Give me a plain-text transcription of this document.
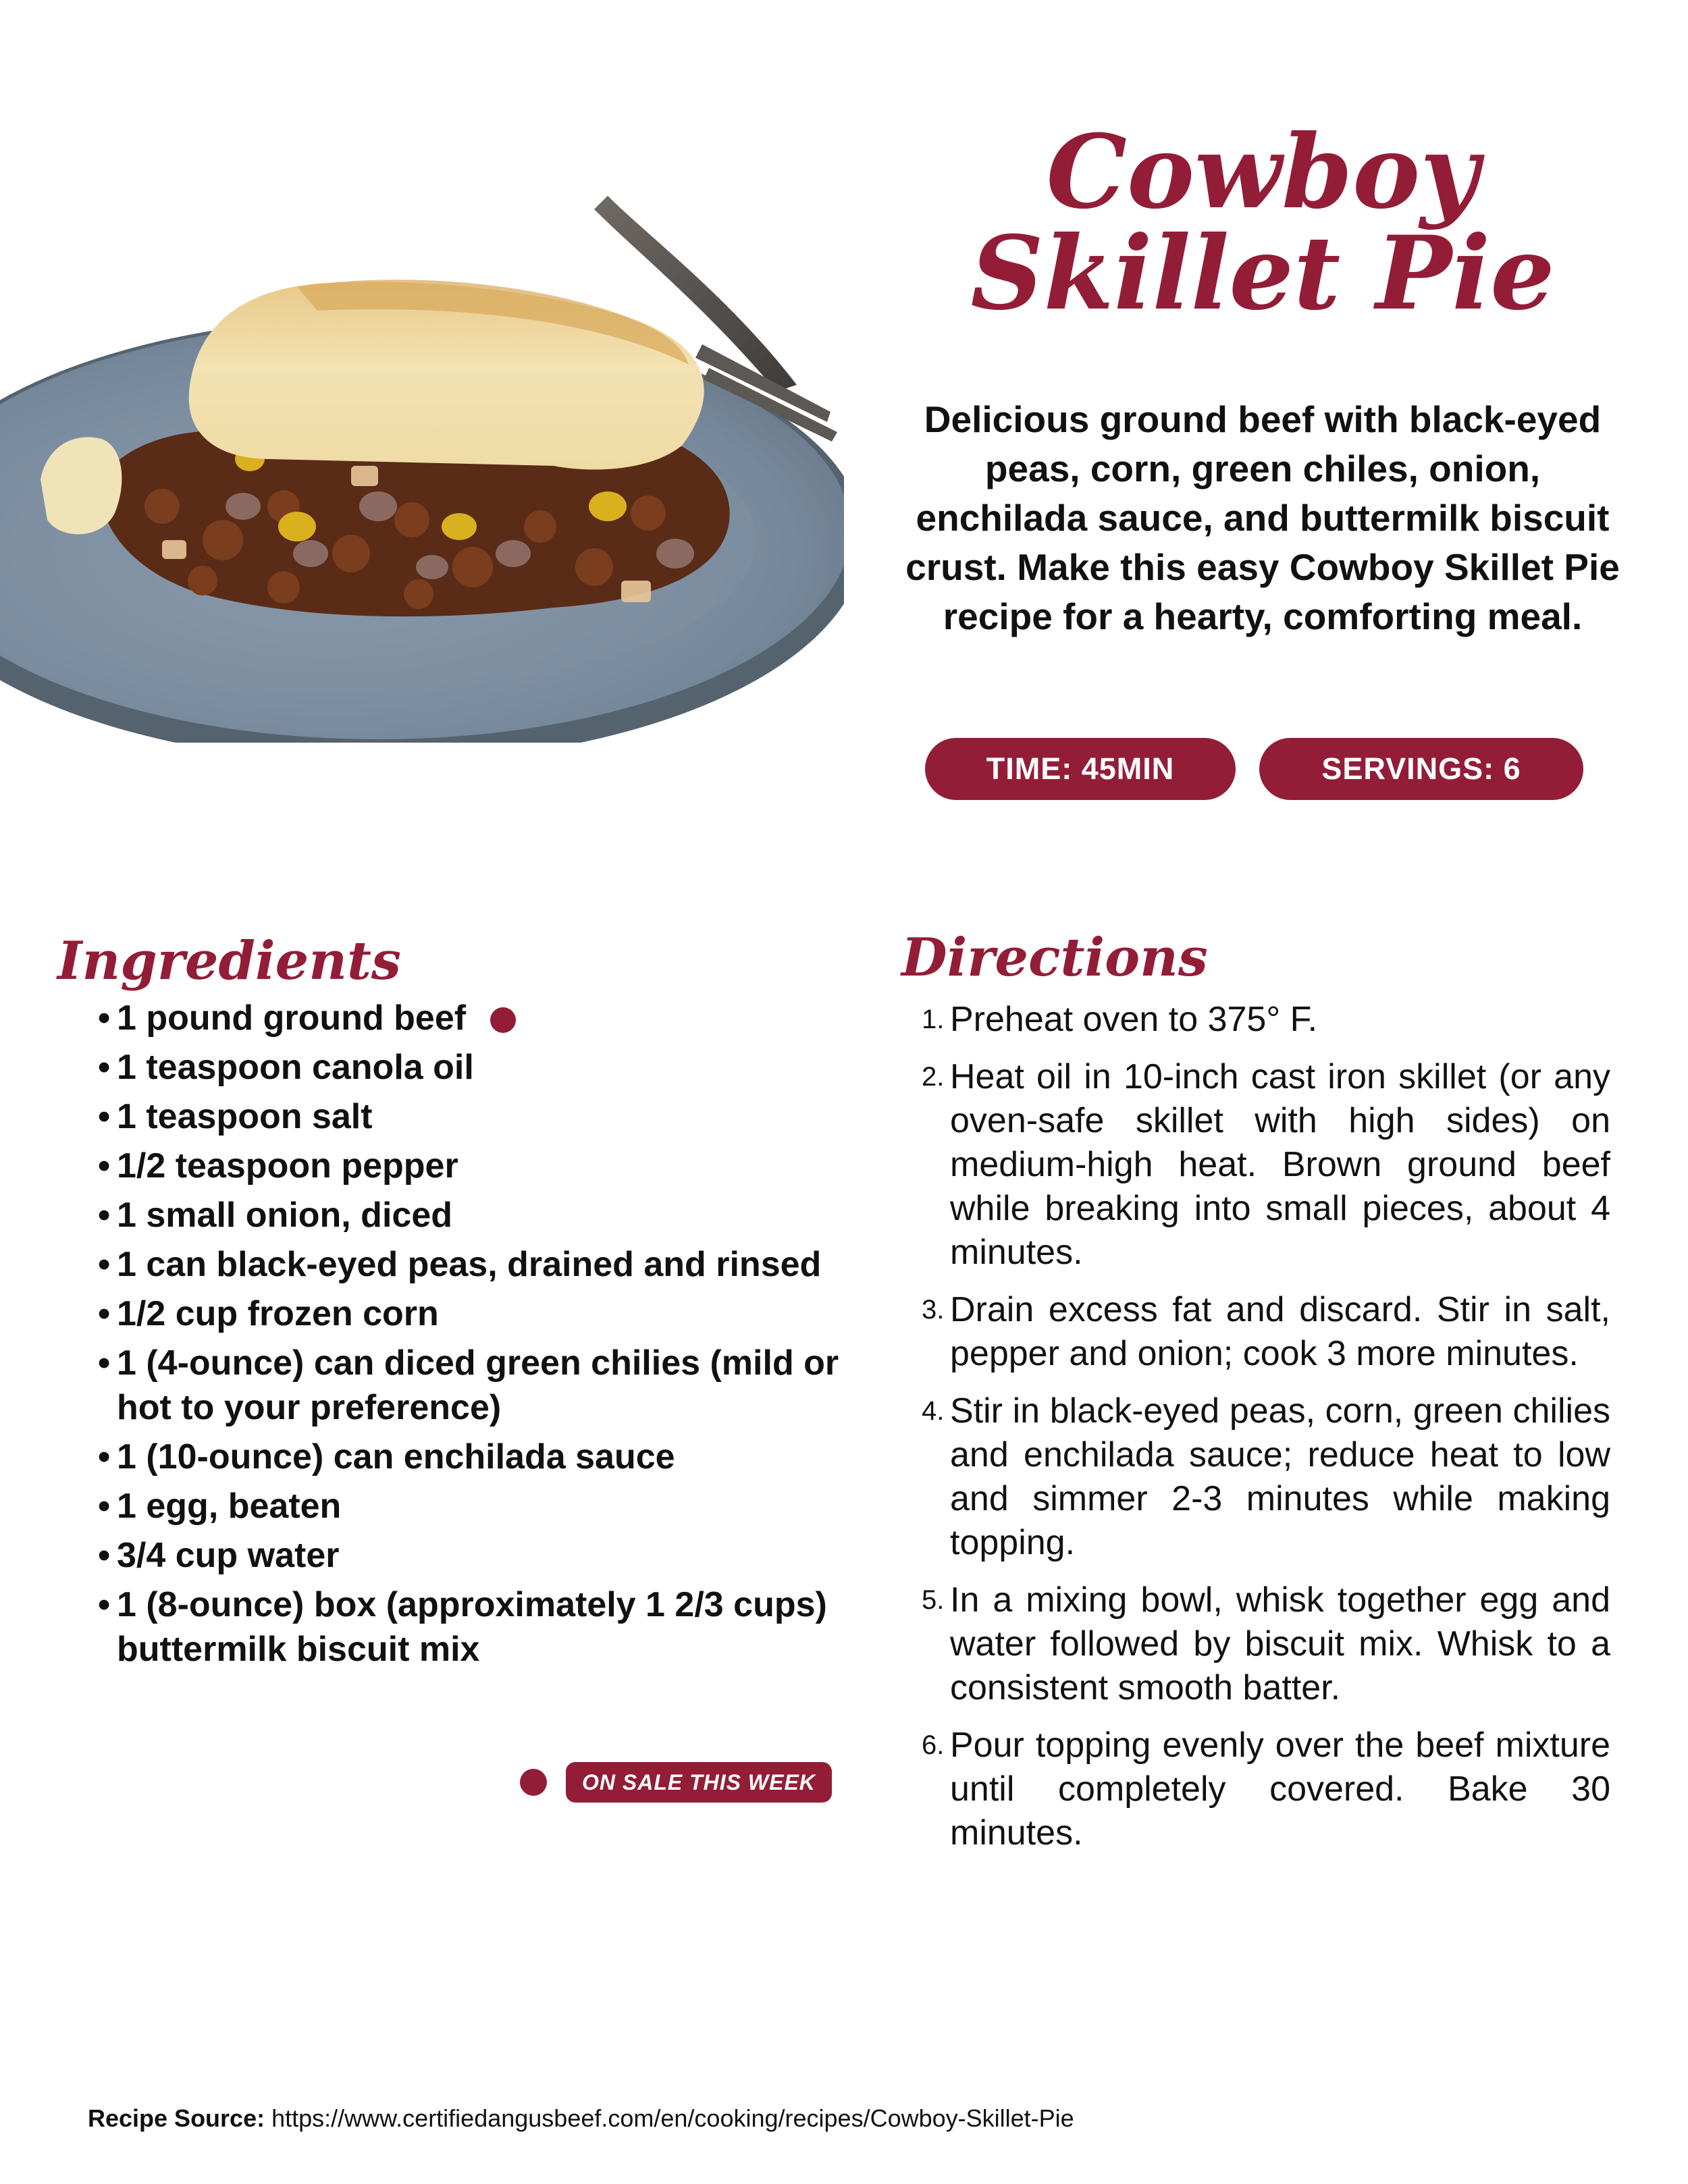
Cowboy
Skillet Pie
Delicious ground beef with black-eyed peas, corn, green chiles, onion, enchilada sauce, and buttermilk biscuit crust. Make this easy Cowboy Skillet Pie recipe for a hearty, comforting meal.
TIME: 45MIN	SERVINGS: 6
Ingredients
• 1 pound ground beef
• 1 teaspoon canola oil
• 1 teaspoon salt
• 1/2 teaspoon pepper
• 1 small onion, diced
• 1 can black-eyed peas, drained and rinsed
• 1/2 cup frozen corn
• 1 (4-ounce) can diced green chilies (mild or hot to your preference)
• 1 (10-ounce) can enchilada sauce
• 1 egg, beaten
• 3/4 cup water
• 1 (8-ounce) box (approximately 1 2/3 cups) buttermilk biscuit mix
ON SALE THIS WEEK
Directions
1. Preheat oven to 375° F.
2. Heat oil in 10-inch cast iron skillet (or any oven-safe skillet with high sides) on medium-high heat. Brown ground beef while breaking into small pieces, about 4 minutes.
3. Drain excess fat and discard. Stir in salt, pepper and onion; cook 3 more minutes.
4. Stir in black-eyed peas, corn, green chilies and enchilada sauce; reduce heat to low and simmer 2-3 minutes while making topping.
5. In a mixing bowl, whisk together egg and water followed by biscuit mix. Whisk to a consistent smooth batter.
6. Pour topping evenly over the beef mixture until completely covered. Bake 30 minutes.
Recipe Source: https://www.certifiedangusbeef.com/en/cooking/recipes/Cowboy-Skillet-Pie
